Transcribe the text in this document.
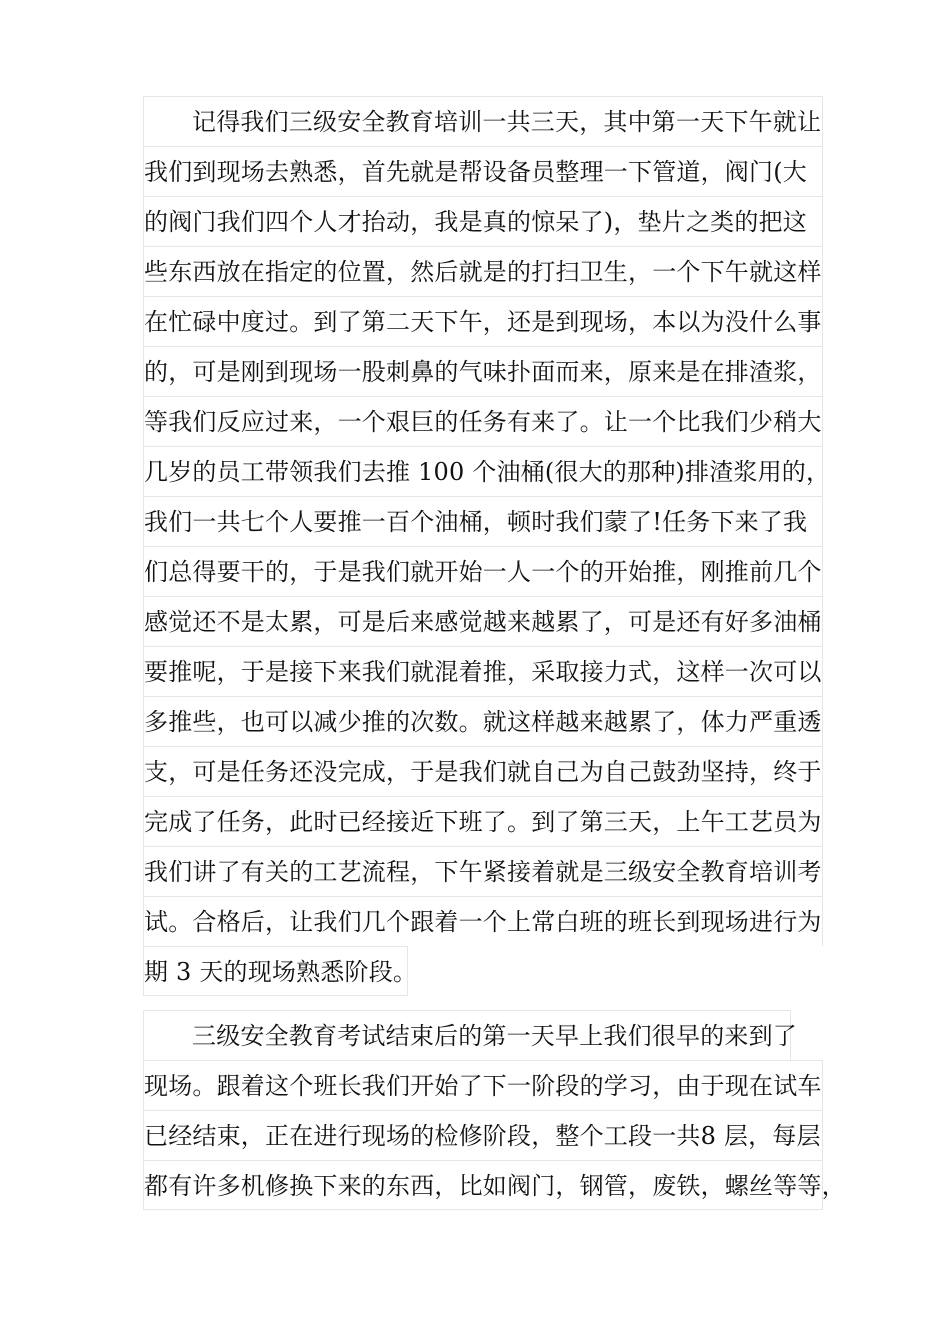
记得我们三级安全教育培训一共三天，其中第一天下午就让
我们到现场去熟悉，首先就是帮设备员整理一下管道，阀门(大
的阀门我们四个人才抬动，我是真的惊呆了)，垫片之类的把这
些东西放在指定的位置，然后就是的打扫卫生，一个下午就这样
在忙碌中度过。到了第二天下午，还是到现场，本以为没什么事
的，可是刚到现场一股刺鼻的气味扑面而来，原来是在排渣浆，
等我们反应过来，一个艰巨的任务有来了。让一个比我们少稍大
几岁的员工带领我们去推 100 个油桶(很大的那种)排渣浆用的，
我们一共七个人要推一百个油桶，顿时我们蒙了!任务下来了我
们总得要干的，于是我们就开始一人一个的开始推，刚推前几个
感觉还不是太累，可是后来感觉越来越累了，可是还有好多油桶
要推呢，于是接下来我们就混着推，采取接力式，这样一次可以
多推些，也可以减少推的次数。就这样越来越累了，体力严重透
支，可是任务还没完成，于是我们就自己为自己鼓劲坚持，终于
完成了任务，此时已经接近下班了。到了第三天，上午工艺员为
我们讲了有关的工艺流程，下午紧接着就是三级安全教育培训考
试。合格后，让我们几个跟着一个上常白班的班长到现场进行为
期 3 天的现场熟悉阶段。
三级安全教育考试结束后的第一天早上我们很早的来到了
现场。跟着这个班长我们开始了下一阶段的学习，由于现在试车
已经结束，正在进行现场的检修阶段，整个工段一共8 层，每层
都有许多机修换下来的东西，比如阀门，钢管，废铁，螺丝等等，
